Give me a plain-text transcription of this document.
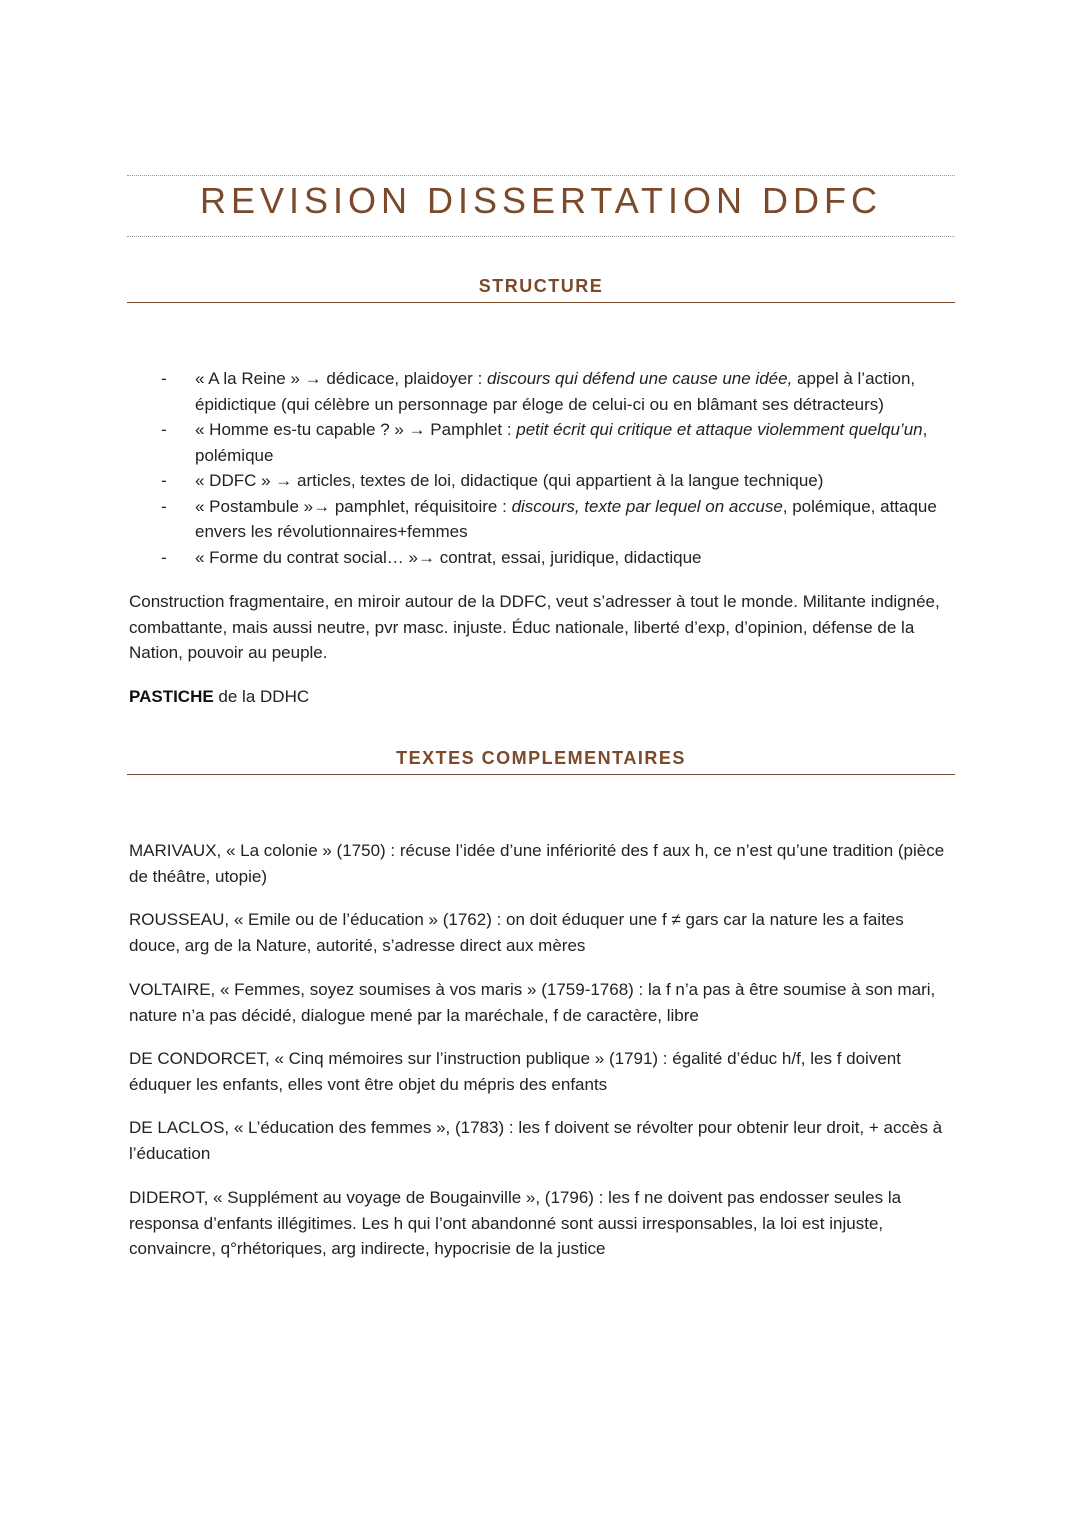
REVISION DISSERTATION DDFC
STRUCTURE
- « A la Reine » → dédicace, plaidoyer : discours qui défend une cause une idée, appel à l’action, épidictique (qui célèbre un personnage par éloge de celui-ci ou en blâmant ses détracteurs)
- « Homme es-tu capable ? » → Pamphlet : petit écrit qui critique et attaque violemment quelqu’un, polémique
- « DDFC » → articles, textes de loi, didactique (qui appartient à la langue technique)
- « Postambule »→ pamphlet, réquisitoire : discours, texte par lequel on accuse, polémique, attaque envers les révolutionnaires+femmes
- « Forme du contrat social… »→ contrat, essai, juridique, didactique

Construction fragmentaire, en miroir autour de la DDFC, veut s’adresser à tout le monde. Militante indignée, combattante, mais aussi neutre, pvr masc. injuste. Éduc nationale, liberté d’exp, d’opinion, défense de la Nation, pouvoir au peuple.

PASTICHE de la DDHC

TEXTES COMPLEMENTAIRES

MARIVAUX, « La colonie » (1750) : récuse l’idée d’une infériorité des f aux h, ce n’est qu’une tradition (pièce de théâtre, utopie)

ROUSSEAU, « Emile ou de l’éducation » (1762) : on doit éduquer une f ≠ gars car la nature les a faites douce, arg de la Nature, autorité, s’adresse direct aux mères

VOLTAIRE, « Femmes, soyez soumises à vos maris » (1759-1768) : la f n’a pas à être soumise à son mari, nature n’a pas décidé, dialogue mené par la maréchale, f de caractère, libre

DE CONDORCET, « Cinq mémoires sur l’instruction publique » (1791) : égalité d’éduc h/f, les f doivent éduquer les enfants, elles vont être objet du mépris des enfants

DE LACLOS, « L’éducation des femmes », (1783) : les f doivent se révolter pour obtenir leur droit, + accès à l’éducation

DIDEROT, « Supplément au voyage de Bougainville », (1796) : les f ne doivent pas endosser seules la responsa d’enfants illégitimes. Les h qui l’ont abandonné sont aussi irresponsables, la loi est injuste, convaincre, q°rhétoriques, arg indirecte, hypocrisie de la justice
